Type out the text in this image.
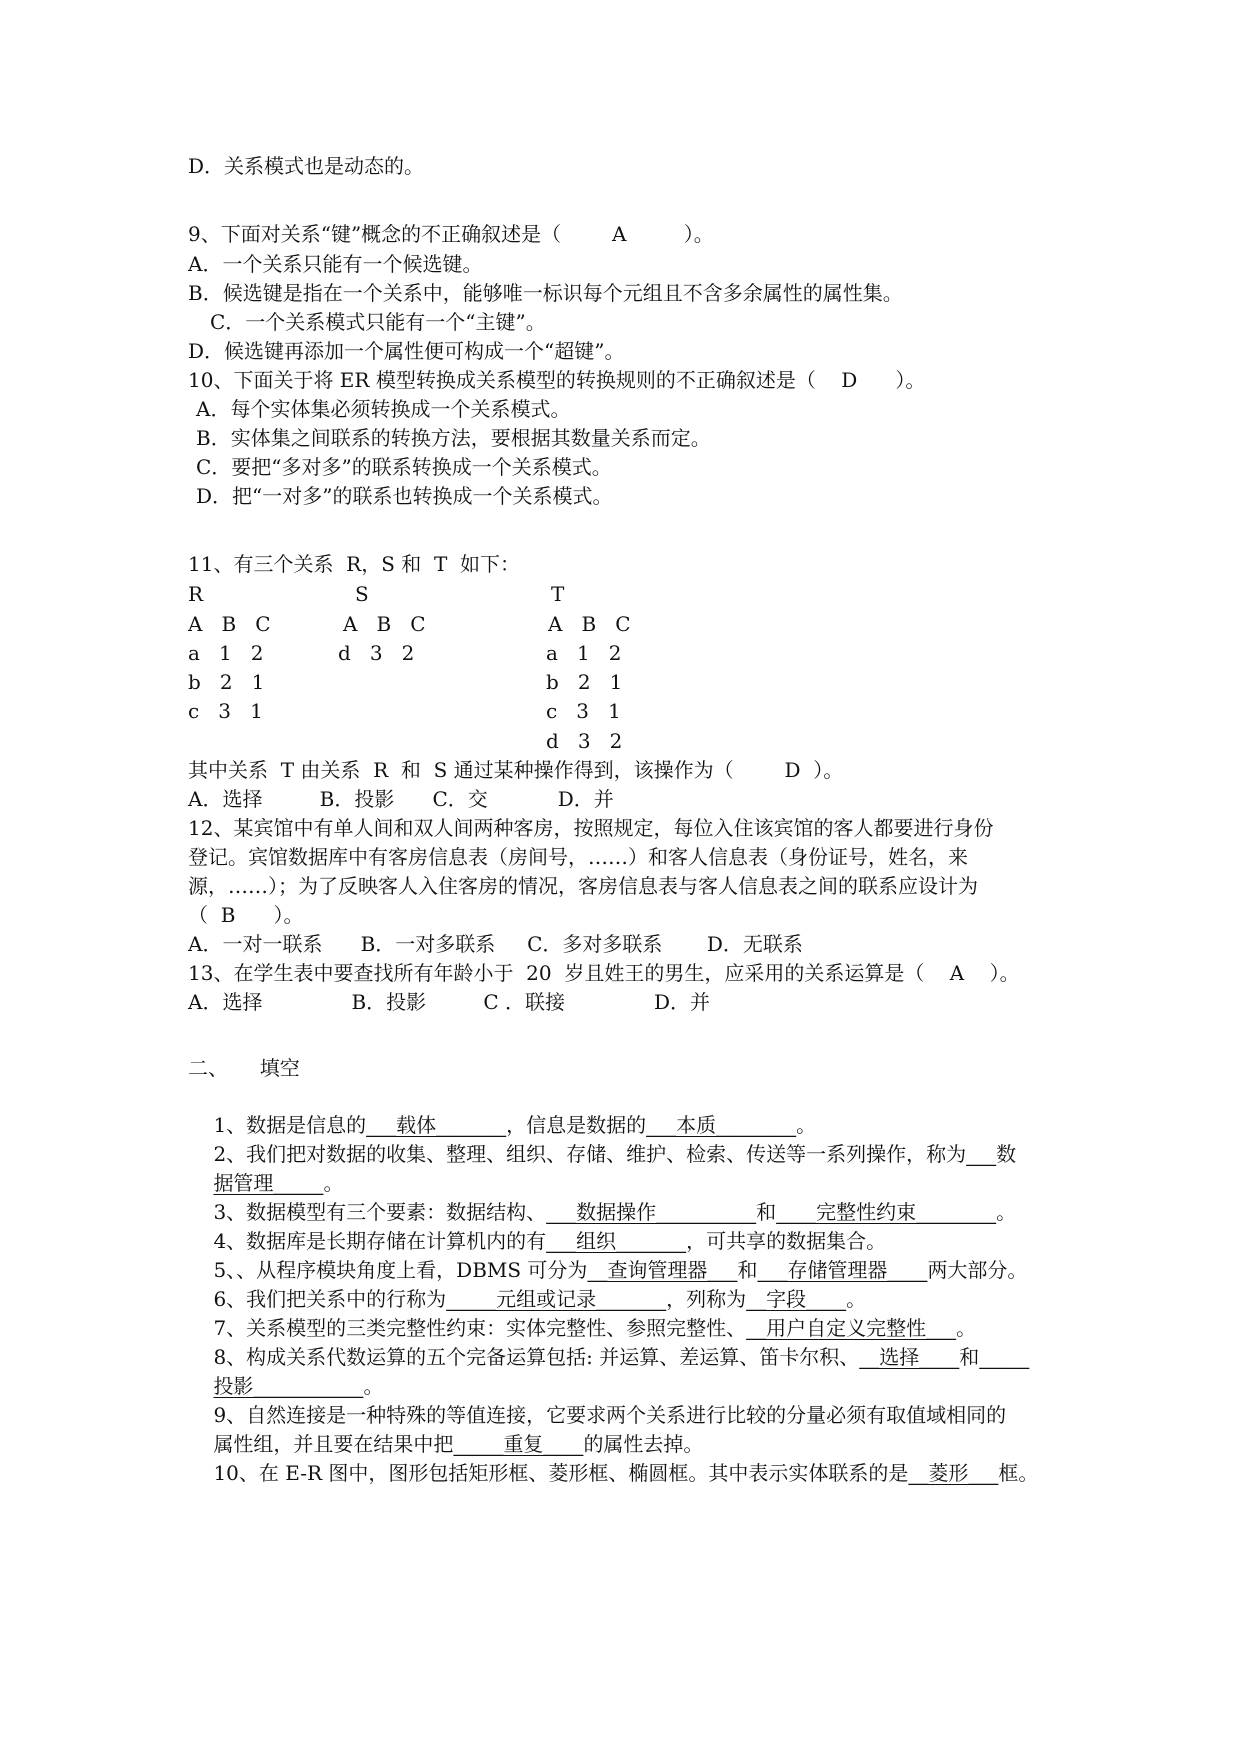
D．关系模式也是动态的。
9、下面对关系“键”概念的不正确叙述是（        A         ）。
A．一个关系只能有一个候选键。
B．候选键是指在一个关系中，能够唯一标识每个元组且不含多余属性的属性集。
C．一个关系模式只能有一个“主键”。
D．候选键再添加一个属性便可构成一个“超键”。
10、下面关于将 ER 模型转换成关系模型的转换规则的不正确叙述是（    D      ）。
A．每个实体集必须转换成一个关系模式。
B．实体集之间联系的转换方法，要根据其数量关系而定。
C．要把“多对多”的联系转换成一个关系模式。
D．把“一对多”的联系也转换成一个关系模式。
11、有三个关系  R，S 和  T  如下：
R
A   B   C
a   1   2
b   2   1
c   3   1
S
A   B   C
d   3   2
T
A   B   C
a   1   2
b   2   1
c   3   1
d   3   2
其中关系  T 由关系  R  和  S 通过某种操作得到，该操作为（        D  ）。
A．选择         B．投影      C．交           D．并
12、某宾馆中有单人间和双人间两种客房，按照规定，每位入住该宾馆的客人都要进行身份
登记。宾馆数据库中有客房信息表（房间号，……）和客人信息表（身份证号，姓名，来
源，……）；为了反映客人入住客房的情况，客房信息表与客人信息表之间的联系应设计为
（  B      ）。
A．一对一联系      B．一对多联系     C．多对多联系       D．无联系
13、在学生表中要查找所有年龄小于  20  岁且姓王的男生，应采用的关系运算是（    A    ）。
A．选择              B．投影         C ．联接              D．并
二、     填空

1、数据是信息的___载体_______，信息是数据的___本质________。

2、我们把对数据的收集、整理、组织、存储、维护、检索、传送等一系列操作，称为___数

据管理_____。

3、数据模型有三个要素：数据结构、___数据操作__________和____完整性约束________。

4、数据库是长期存储在计算机内的有___组织_______，可共享的数据集合。

5、、从程序模块角度上看，DBMS 可分为__查询管理器___和___存储管理器____两大部分。

6、我们把关系中的行称为_____元组或记录_______，列称为__字段____。

7、关系模型的三类完整性约束：实体完整性、参照完整性、__用户自定义完整性___。

8、构成关系代数运算的五个完备运算包括: 并运算、差运算、笛卡尔积、__选择____和_____

投影___________。

9、自然连接是一种特殊的等值连接，它要求两个关系进行比较的分量必须有取值域相同的

属性组，并且要在结果中把_____重复____的属性去掉。

10、在 E-R 图中，图形包括矩形框、菱形框、椭圆框。其中表示实体联系的是__菱形___框。
